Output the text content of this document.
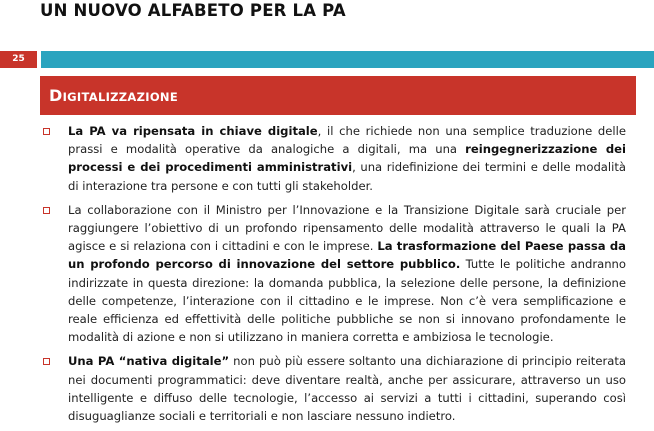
UN NUOVO ALFABETO PER LA PA
25
DIGITALIZZAZIONE
La PA va ripensata in chiave digitale, il che richiede non una semplice traduzione delle prassi e modalità operative da analogiche a digitali, ma una reingegnerizzazione dei processi e dei procedimenti amministrativi, una ridefinizione dei termini e delle modalità di interazione tra persone e con tutti gli stakeholder.
La collaborazione con il Ministro per l’Innovazione e la Transizione Digitale sarà cruciale per raggiungere l’obiettivo di un profondo ripensamento delle modalità attraverso le quali la PA agisce e si relaziona con i cittadini e con le imprese. La trasformazione del Paese passa da un profondo percorso di innovazione del settore pubblico. Tutte le politiche andranno indirizzate in questa direzione: la domanda pubblica, la selezione delle persone, la definizione delle competenze, l’interazione con il cittadino e le imprese. Non c’è vera semplificazione e reale efficienza ed effettività delle politiche pubbliche se non si innovano profondamente le modalità di azione e non si utilizzano in maniera corretta e ambiziosa le tecnologie.
Una PA “nativa digitale” non può più essere soltanto una dichiarazione di principio reiterata nei documenti programmatici: deve diventare realtà, anche per assicurare, attraverso un uso intelligente e diffuso delle tecnologie, l’accesso ai servizi a tutti i cittadini, superando così disuguaglianze sociali e territoriali e non lasciare nessuno indietro.
